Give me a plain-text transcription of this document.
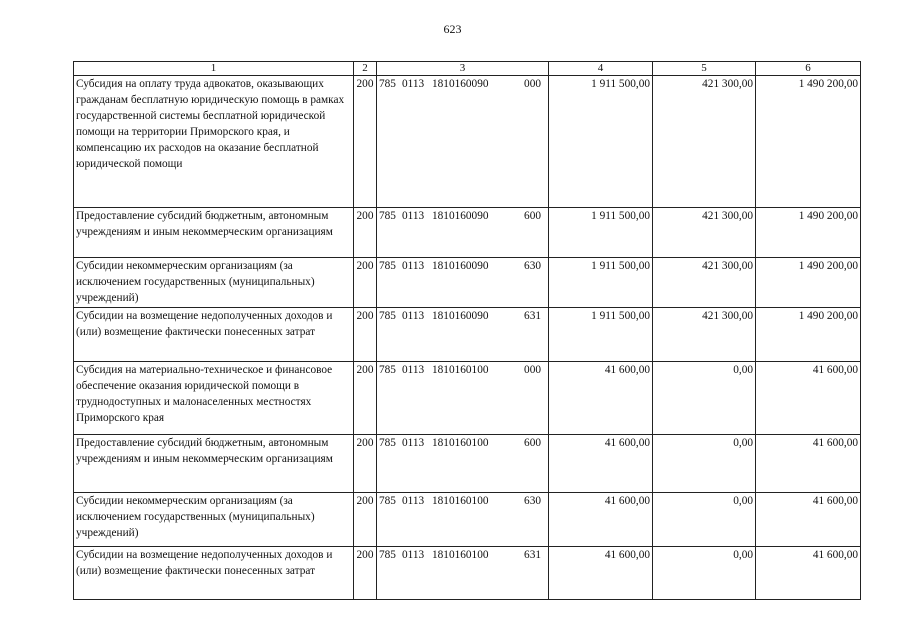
623
1	2	3	4	5	6
Субсидия на оплату труда адвокатов, оказывающих гражданам бесплатную юридическую помощь в рамках государственной системы бесплатной юридической помощи на территории Приморского края, и компенсацию их расходов на оказание бесплатной юридической помощи	200	785 0113 1810160090 000	1 911 500,00	421 300,00	1 490 200,00
Предоставление субсидий бюджетным, автономным учреждениям и иным некоммерческим организациям	200	785 0113 1810160090 600	1 911 500,00	421 300,00	1 490 200,00
Субсидии некоммерческим организациям (за исключением государственных (муниципальных) учреждений)	200	785 0113 1810160090 630	1 911 500,00	421 300,00	1 490 200,00
Субсидии на возмещение недополученных доходов и (или) возмещение фактически понесенных затрат	200	785 0113 1810160090 631	1 911 500,00	421 300,00	1 490 200,00
Субсидия на материально-техническое и финансовое обеспечение оказания юридической помощи в труднодоступных и малонаселенных местностях Приморского края	200	785 0113 1810160100 000	41 600,00	0,00	41 600,00
Предоставление субсидий бюджетным, автономным учреждениям и иным некоммерческим организациям	200	785 0113 1810160100 600	41 600,00	0,00	41 600,00
Субсидии некоммерческим организациям (за исключением государственных (муниципальных) учреждений)	200	785 0113 1810160100 630	41 600,00	0,00	41 600,00
Субсидии на возмещение недополученных доходов и (или) возмещение фактически понесенных затрат	200	785 0113 1810160100 631	41 600,00	0,00	41 600,00
